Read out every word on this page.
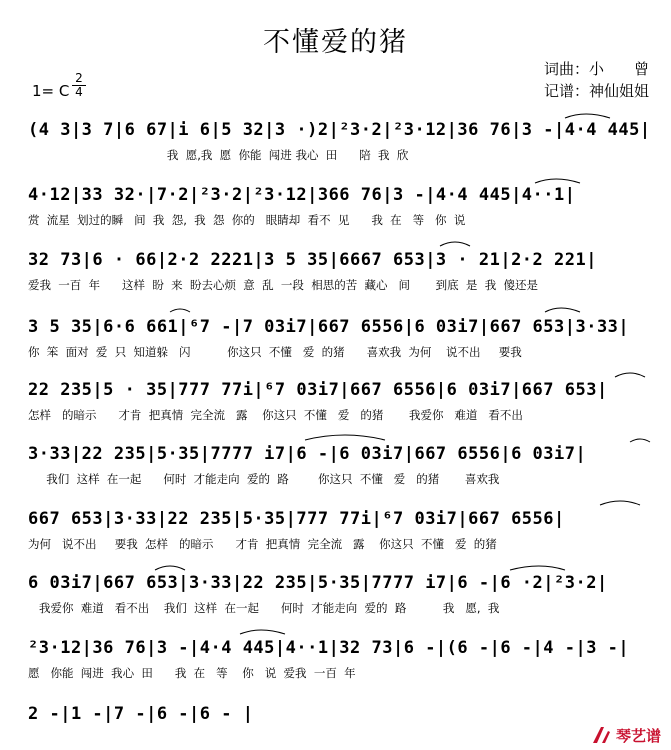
不懂爱的猪
词曲：小　　曾
记谱：神仙姐姐
1= C
2
4
(4 3|3 7|6 67|i 6|5 32|3 ·)2|²3·2|²3·12|36 76|3 -|4·4 445|
我  愿,我  愿  你能  闯进 我心  田      陪  我  欣
4·12|33 32·|7·2|²3·2|²3·12|366 76|3 -|4·4 445|4··1|
赏  流星  划过的瞬   间  我  怨,  我  怨  你的   眼睛却  看不  见      我  在   等   你  说
32 73|6 · 66|2·2 2221|3 5 35|6667 653|3 · 21|2·2 221|
爱我  一百  年      这样  盼  来  盼去心烦  意  乱  一段  相思的苦  藏心   间       到底  是  我  傻还是
3 5 35|6·6 661|⁶7 -|7 03i7|667 6556|6 03i7|667 653|3·33|
你  笨  面对  爱  只  知道躲   闪          你这只  不懂   爱  的猪      喜欢我  为何    说不出     要我
22 235|5 · 35|777 77i|⁶7 03i7|667 6556|6 03i7|667 653|
怎样   的暗示      才肯  把真情  完全流   露    你这只  不懂   爱   的猪       我爱你   难道   看不出
3·33|22 235|5·35|7777 i7|6 -|6 03i7|667 6556|6 03i7|
我们  这样  在一起      何时  才能走向  爱的  路        你这只  不懂   爱   的猪       喜欢我
667 653|3·33|22 235|5·35|777 77i|⁶7 03i7|667 6556|
为何   说不出     要我  怎样   的暗示      才肯  把真情  完全流   露    你这只  不懂   爱  的猪
6 03i7|667 653|3·33|22 235|5·35|7777 i7|6 -|6 ·2|²3·2|
我爱你  难道   看不出    我们  这样  在一起      何时  才能走向  爱的  路          我   愿,  我
²3·12|36 76|3 -|4·4 445|4··1|32 73|6 -|(6 -|6 -|4 -|3 -|
愿   你能  闯进  我心  田      我  在   等    你   说  爱我  一百  年
2 -|1 -|7 -|6 -|6 - |
琴艺谱
